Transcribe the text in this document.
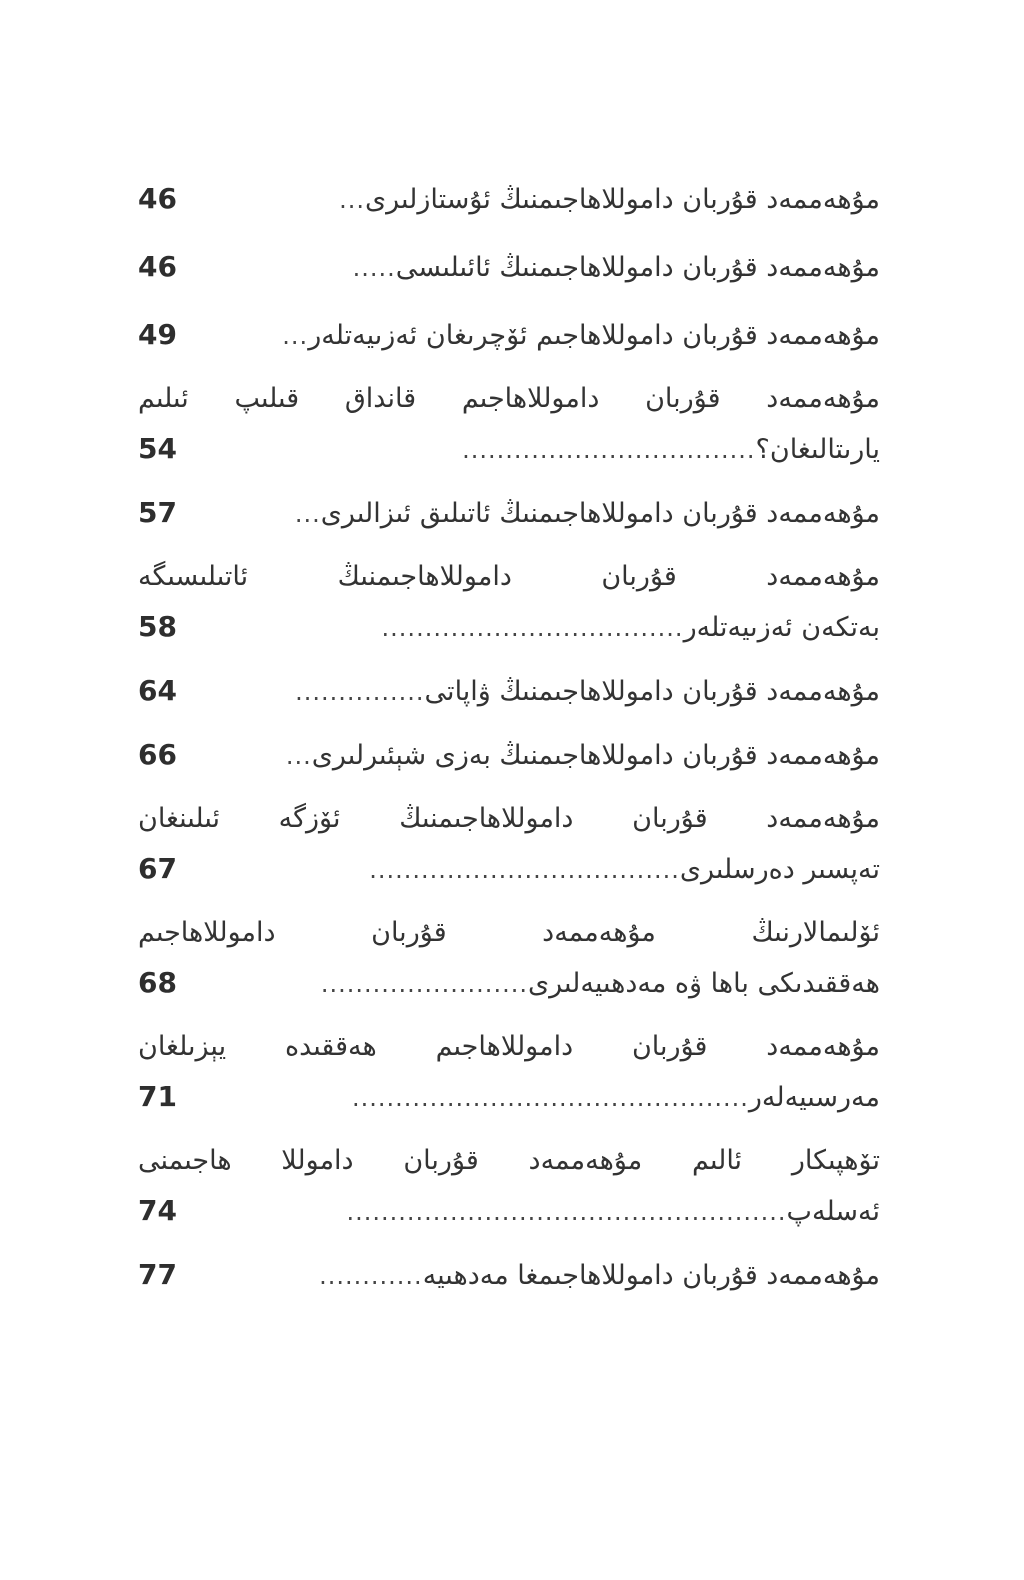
46	... مۇھەممەد قۇربان داموللاھاجىمنىڭ ئۇستازلىرى
46	..... مۇھەممەد قۇربان داموللاھاجىمنىڭ ئائىلىسى
49	... مۇھەممەد قۇربان داموللاھاجىم ئۆچرىغان ئەزىيەتلەر
مۇھەممەد قۇربان داموللاھاجىم قانداق قىلىپ ئىلىم
54	.................................. يارىتالىغان؟
57	... مۇھەممەد قۇربان داموللاھاجىمنىڭ ئاتىلىق ئىزالىرى
مۇھەممەد قۇربان داموللاھاجىمنىڭ ئاتىلىسىگە
58	................................... بەتكەن ئەزىيەتلەر
64	............... مۇھەممەد قۇربان داموللاھاجىمنىڭ ۋاپاتى
66	... مۇھەممەد قۇربان داموللاھاجىمنىڭ بەزى شېئىرلىرى
مۇھەممەد قۇربان داموللاھاجىمنىڭ ئۆزگە ئىلىنغان
67	.................................... تەپسىر دەرسلىرى
ئۆلىمالارنىڭ مۇھەممەد قۇربان داموللاھاجىم
68	........................ ھەققىدىكى باھا ۋە مەدھىيەلىرى
مۇھەممەد قۇربان داموللاھاجىم ھەققىدە يېزىلغان
71	.............................................. مەرسىيەلەر
تۆھپىكار ئالىم مۇھەممەد قۇربان داموللا ھاجىمنى
74	................................................... ئەسلەپ
77	............ مۇھەممەد قۇربان داموللاھاجىمغا مەدھىيە
